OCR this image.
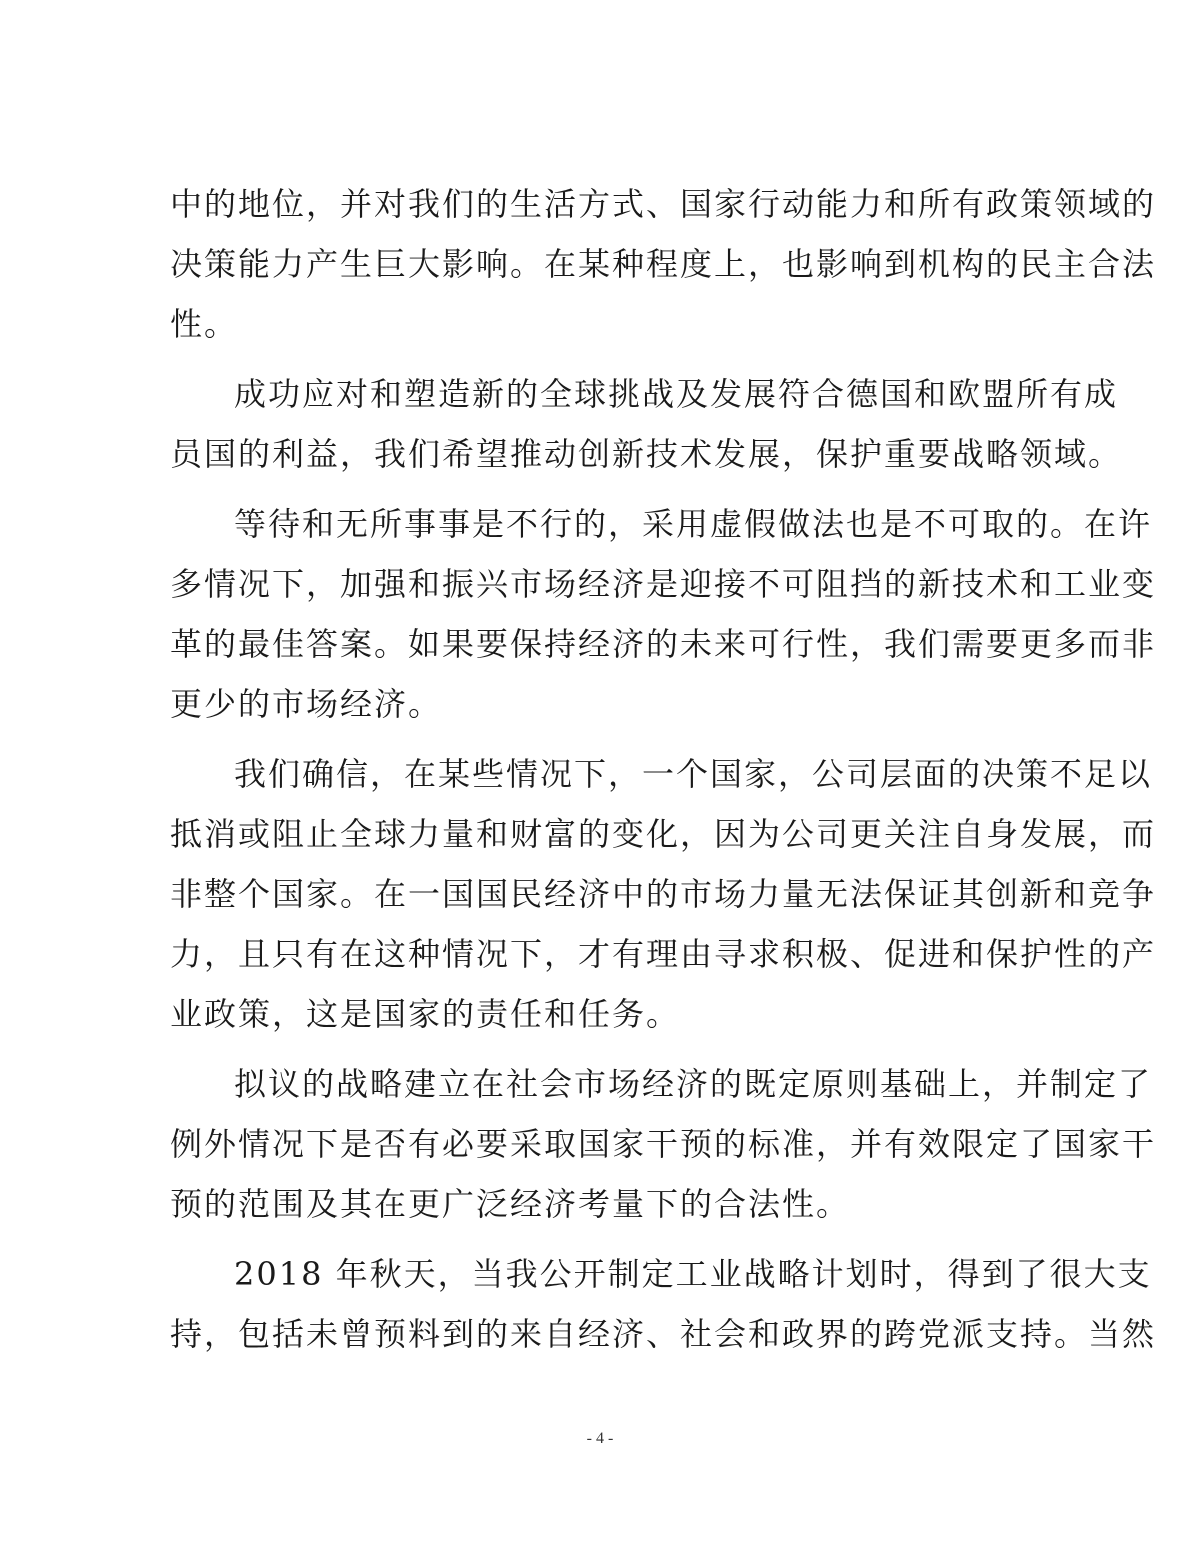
中的地位，并对我们的生活方式、国家行动能力和所有政策领域的
决策能力产生巨大影响。在某种程度上，也影响到机构的民主合法
性。
成功应对和塑造新的全球挑战及发展符合德国和欧盟所有成
员国的利益，我们希望推动创新技术发展，保护重要战略领域。
等待和无所事事是不行的，采用虚假做法也是不可取的。在许
多情况下，加强和振兴市场经济是迎接不可阻挡的新技术和工业变
革的最佳答案。如果要保持经济的未来可行性，我们需要更多而非
更少的市场经济。
我们确信，在某些情况下，一个国家，公司层面的决策不足以
抵消或阻止全球力量和财富的变化，因为公司更关注自身发展，而
非整个国家。在一国国民经济中的市场力量无法保证其创新和竞争
力，且只有在这种情况下，才有理由寻求积极、促进和保护性的产
业政策，这是国家的责任和任务。
拟议的战略建立在社会市场经济的既定原则基础上，并制定了
例外情况下是否有必要采取国家干预的标准，并有效限定了国家干
预的范围及其在更广泛经济考量下的合法性。
2018 年秋天，当我公开制定工业战略计划时，得到了很大支
持，包括未曾预料到的来自经济、社会和政界的跨党派支持。当然
- 4 -
